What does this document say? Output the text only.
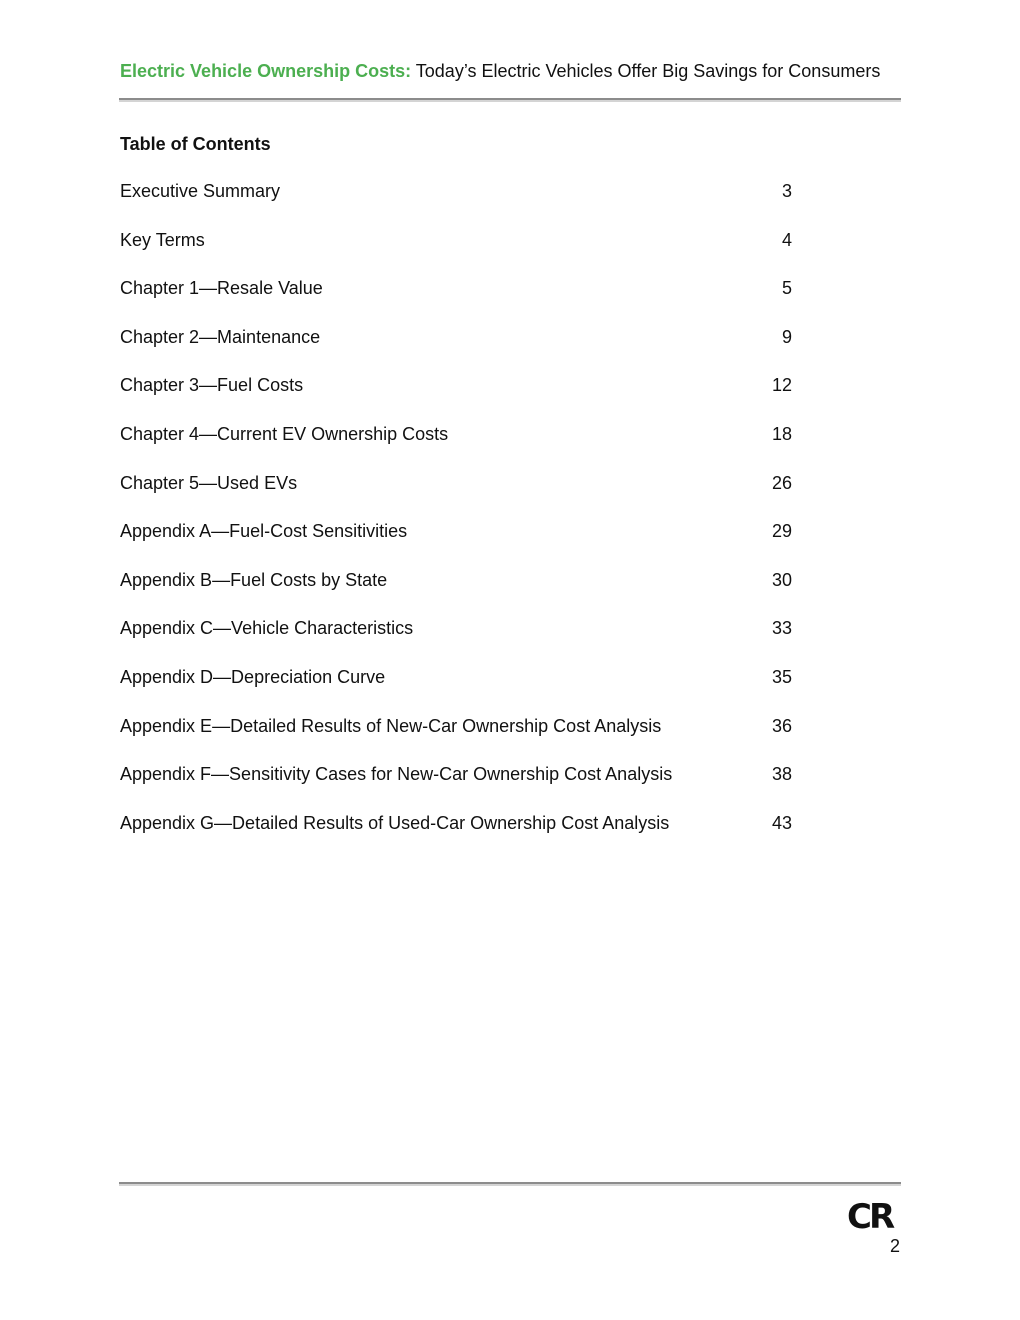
Electric Vehicle Ownership Costs: Today’s Electric Vehicles Offer Big Savings for Consumers
Table of Contents
Executive Summary	3
Key Terms	4
Chapter 1—Resale Value	5
Chapter 2—Maintenance	9
Chapter 3—Fuel Costs	12
Chapter 4—Current EV Ownership Costs	18
Chapter 5—Used EVs	26
Appendix A—Fuel-Cost Sensitivities	29
Appendix B—Fuel Costs by State	30
Appendix C—Vehicle Characteristics	33
Appendix D—Depreciation Curve	35
Appendix E—Detailed Results of New-Car Ownership Cost Analysis	36
Appendix F—Sensitivity Cases for New-Car Ownership Cost Analysis	38
Appendix G—Detailed Results of Used-Car Ownership Cost Analysis	43
CR
2
